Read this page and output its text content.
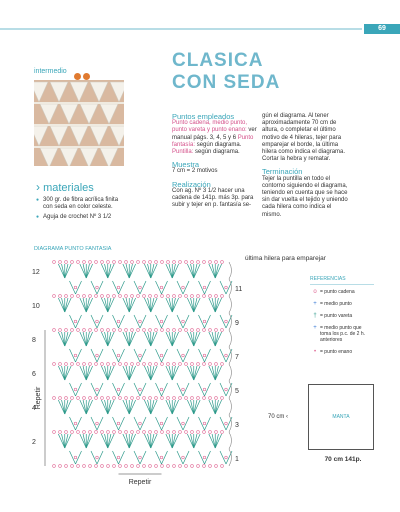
69
intermedio
› materiales
● 300 gr. de fibra acrílica finita con seda en color celeste.
● Aguja de crochet Nº 3 1/2
CLASICA
CON SEDA
Puntos empleados
Punto cadena, medio punto, punto vareta y punto enano: ver manual págs. 3, 4, 5 y 6 Punto fantasía: según diagrama. Puntilla: según diagrama.
Muestra
7 cm = 2 motivos
Realización
Con ag. Nº 3 1/2 hacer una cadena de 141p. más 3p. para subir y tejer en p. fantasía se-
gún el diagrama. Al tener aproximadamente 70 cm de altura, o completar el último motivo de 4 hileras, tejer para emparejar el borde, la última hilera como indica el diagrama. Cortar la hebra y rematar.
Terminación
Tejer la puntilla en todo el contorno siguiendo el diagrama, teniendo en cuenta que se hace sin dar vuelta el tejido y uniendo cada hilera como indica el mismo.
DIAGRAMA PUNTO FANTASIA
última hilera para emparejar
12
11
10
9
8
7
6
5
4
3
2
1
Repetir
Repetir
REFERENCIAS
o = punto cadena
+ = medio punto
† = punto vareta
+ = medio punto que toma los p.c. de 2 h. anteriores
• = punto enano
MANTA
70 cm ‹
70 cm 141p.
